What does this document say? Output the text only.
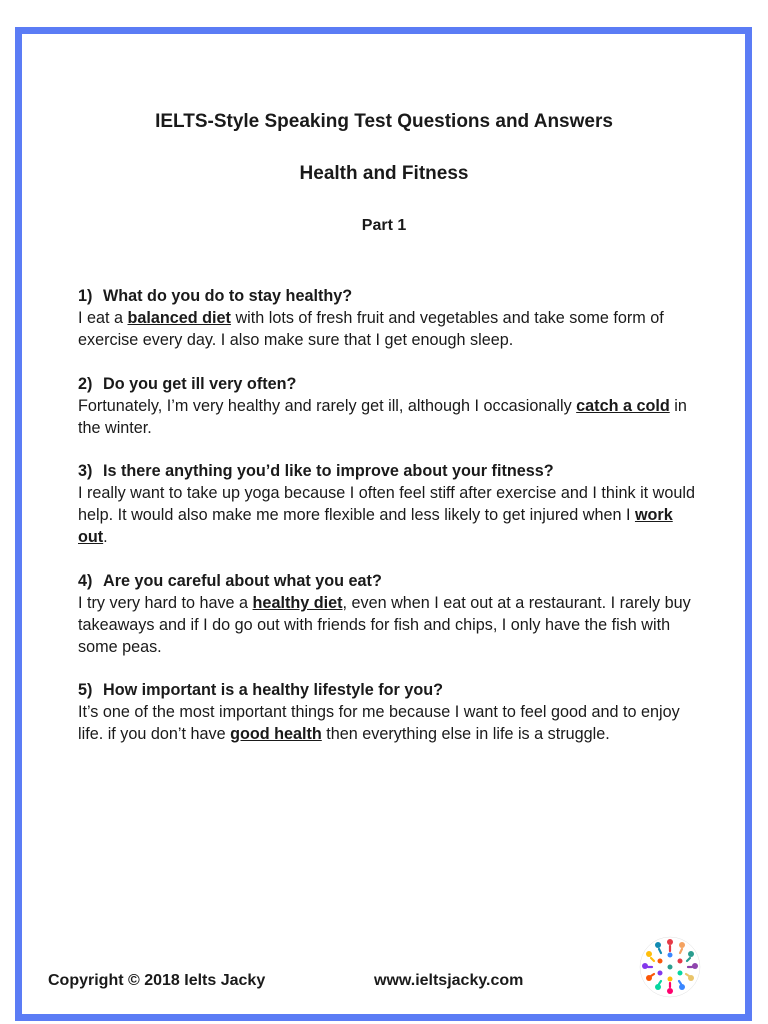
IELTS-Style Speaking Test Questions and Answers
Health and Fitness
Part 1
1) What do you do to stay healthy?

I eat a balanced diet with lots of fresh fruit and vegetables and take some form of exercise every day. I also make sure that I get enough sleep.

2) Do you get ill very often?

Fortunately, I’m very healthy and rarely get ill, although I occasionally catch a cold in the winter.

3) Is there anything you’d like to improve about your fitness?

I really want to take up yoga because I often feel stiff after exercise and I think it would help. It would also make me more flexible and less likely to get injured when I work out.

4) Are you careful about what you eat?

I try very hard to have a healthy diet, even when I eat out at a restaurant. I rarely buy takeaways and if I do go out with friends for fish and chips, I only have the fish with some peas.

5) How important is a healthy lifestyle for you?

It’s one of the most important things for me because I want to feel good and to enjoy life. if you don’t have good health then everything else in life is a struggle.

Copyright © 2018 Ielts Jacky	www.ieltsjacky.com
